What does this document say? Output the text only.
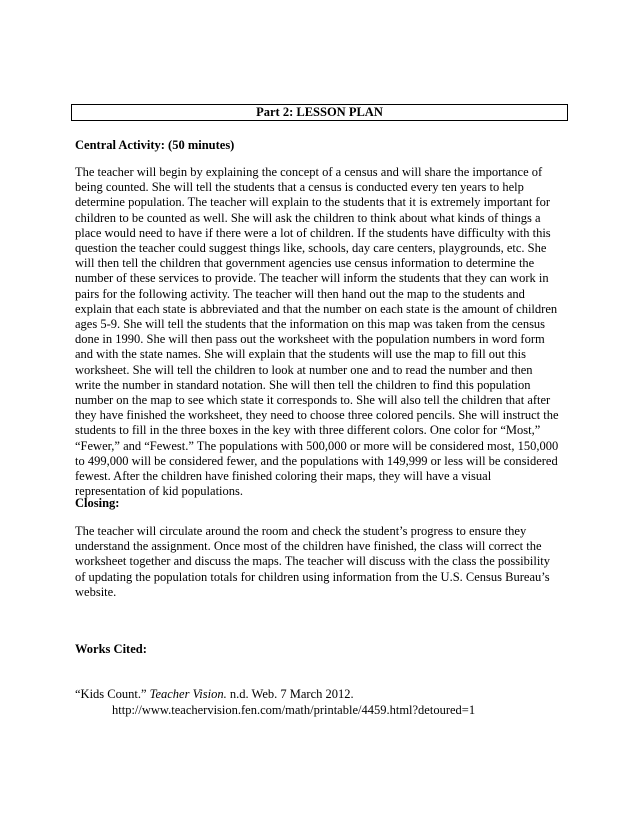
Part 2: LESSON PLAN
Central Activity: (50 minutes)
The teacher will begin by explaining the concept of a census and will share the importance of
being counted. She will tell the students that a census is conducted every ten years to help
determine population. The teacher will explain to the students that it is extremely important for
children to be counted as well. She will ask the children to think about what kinds of things a
place would need to have if there were a lot of children. If the students have difficulty with this
question the teacher could suggest things like, schools, day care centers, playgrounds, etc. She
will then tell the children that government agencies use census information to determine the
number of these services to provide. The teacher will inform the students that they can work in
pairs for the following activity. The teacher will then hand out the map to the students and
explain that each state is abbreviated and that the number on each state is the amount of children
ages 5-9. She will tell the students that the information on this map was taken from the census
done in 1990. She will then pass out the worksheet with the population numbers in word form
and with the state names. She will explain that the students will use the map to fill out this
worksheet. She will tell the children to look at number one and to read the number and then
write the number in standard notation. She will then tell the children to find this population
number on the map to see which state it corresponds to. She will also tell the children that after
they have finished the worksheet, they need to choose three colored pencils. She will instruct the
students to fill in the three boxes in the key with three different colors. One color for “Most,”
“Fewer,” and “Fewest.” The populations with 500,000 or more will be considered most, 150,000
to 499,000 will be considered fewer, and the populations with 149,999 or less will be considered
fewest. After the children have finished coloring their maps, they will have a visual
representation of kid populations.
Closing:
The teacher will circulate around the room and check the student’s progress to ensure they
understand the assignment. Once most of the children have finished, the class will correct the
worksheet together and discuss the maps. The teacher will discuss with the class the possibility
of updating the population totals for children using information from the U.S. Census Bureau’s
website.
Works Cited:
“Kids Count.” Teacher Vision. n.d. Web. 7 March 2012.
http://www.teachervision.fen.com/math/printable/4459.html?detoured=1
